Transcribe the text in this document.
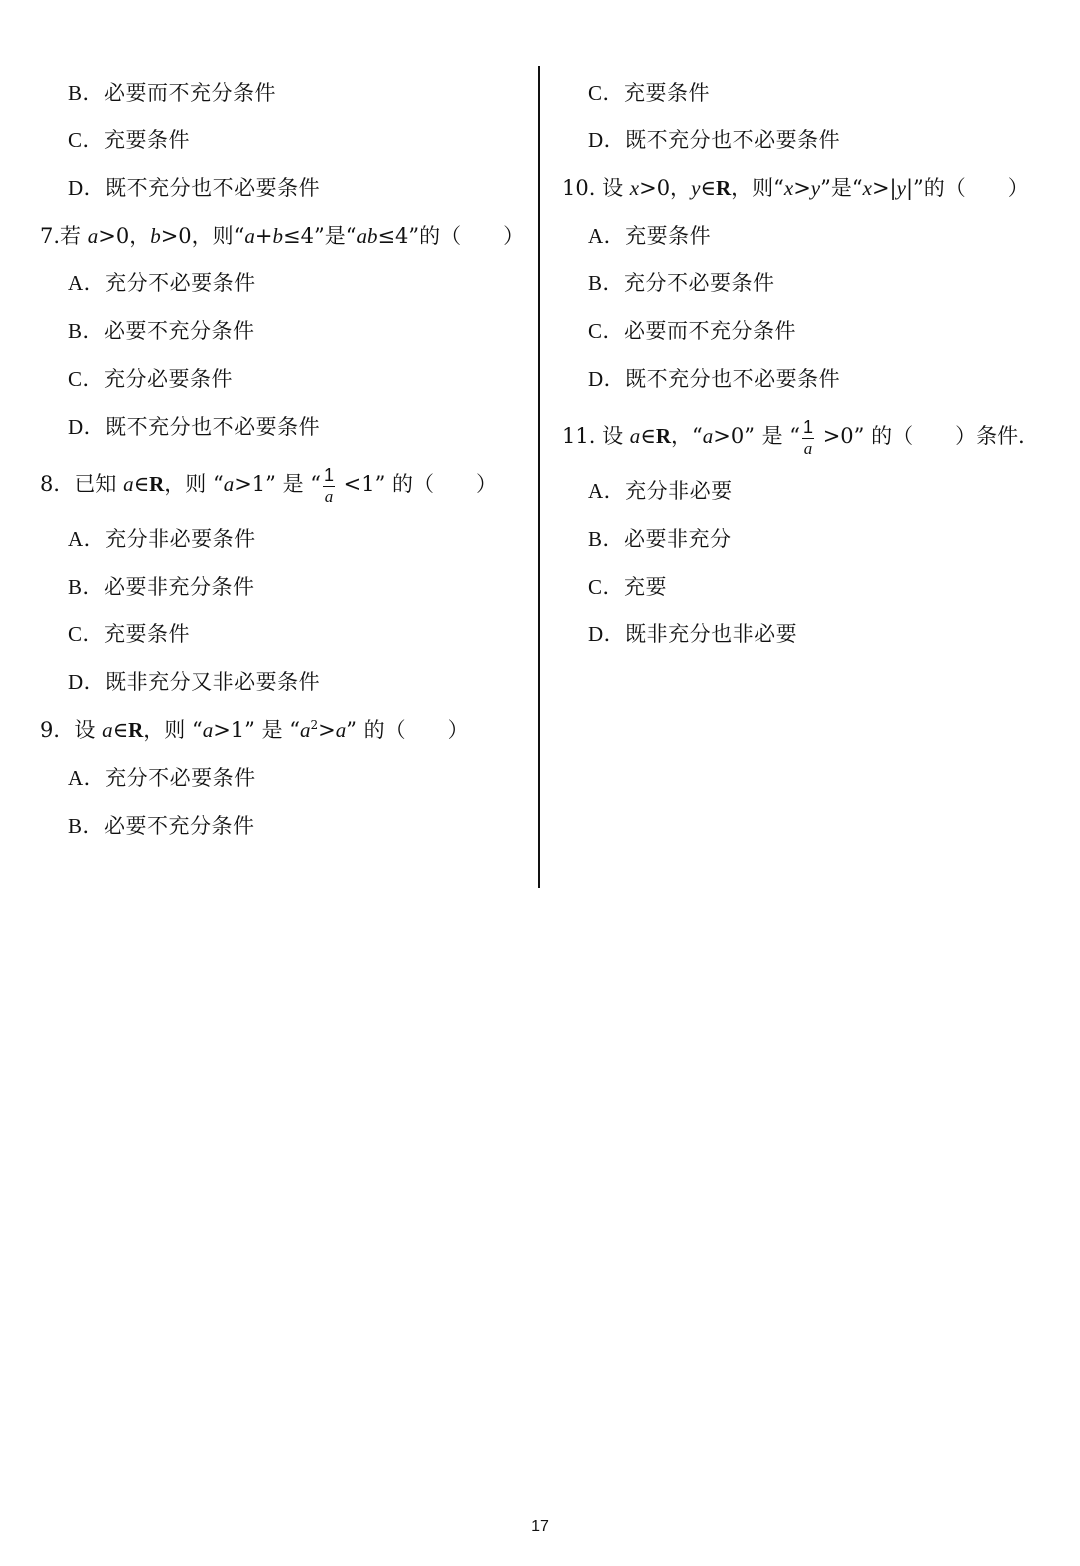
B．必要而不充分条件
C．充要条件
D．既不充分也不必要条件
7.若 a>0，b>0，则“a+b≤4”是“ab≤4”的（　　）
A．充分不必要条件
B．必要不充分条件
C．充分必要条件
D．既不充分也不必要条件
8．已知 a∈R，则 “a>1” 是 “ $\frac{1}{a} <1$” 的（　　）
A．充分非必要条件
B．必要非充分条件
C．充要条件
D．既非充分又非必要条件
9．设 a∈R，则 “a>1” 是 “$a^2>a$” 的（　　）
A．充分不必要条件
B．必要不充分条件
C．充要条件
D．既不充分也不必要条件
10. 设 x>0，y∈R，则“x>y”是“x>|y|”的（　　）
A．充要条件
B．充分不必要条件
C．必要而不充分条件
D．既不充分也不必要条件
11. 设 a∈R，“a>0” 是 “ $\frac{1}{a} >0$” 的（　　）条件．
A．充分非必要
B．必要非充分
C．充要
D．既非充分也非必要
17
